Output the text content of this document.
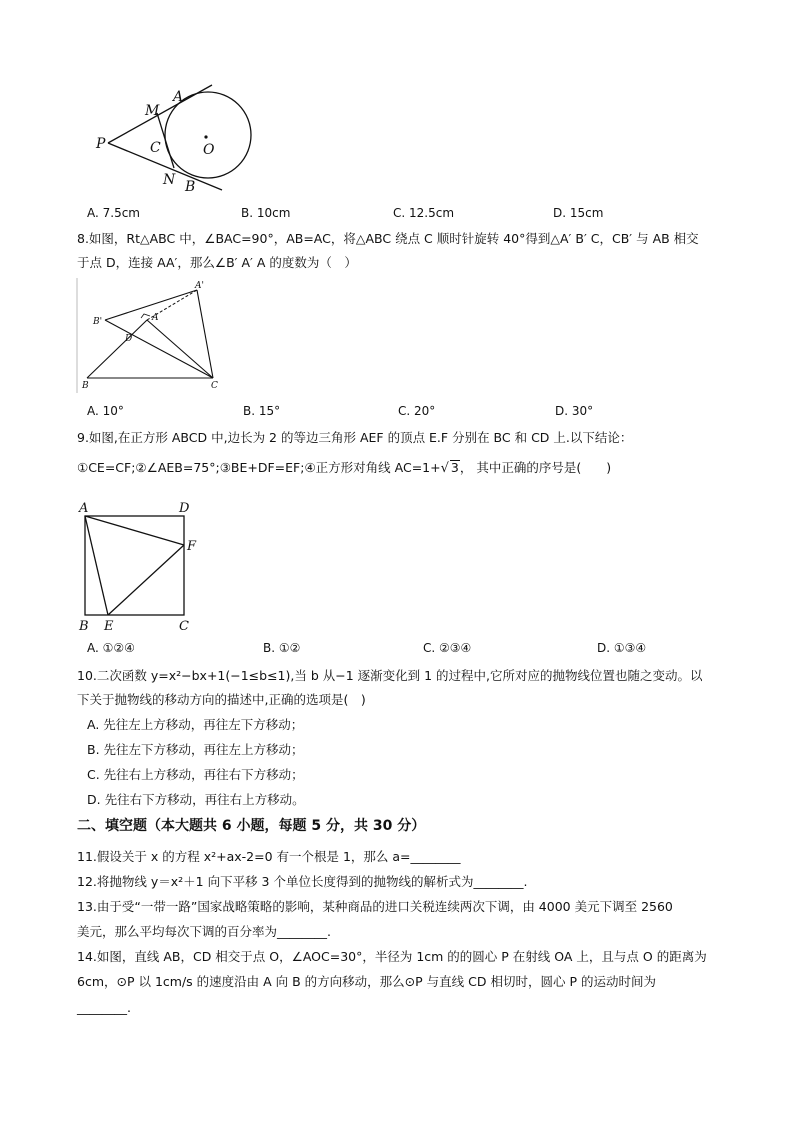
A
M
P	C	O
N B
A. 7.5cm	B. 10cm	C. 12.5cm	D. 15cm
8.如图，Rt△ABC 中，∠BAC=90°，AB=AC，将△ABC 绕点 C 顺时针旋转 40°得到△A′ B′ C，CB′ 与 AB 相交
于点 D，连接 AA′，那么∠B′ A′ A 的度数为（　）
A'
B'	A
D
B	C
A. 10°	B. 15°	C. 20°	D. 30°
9.如图,在正方形 ABCD 中,边长为 2 的等边三角形 AEF 的顶点 E.F 分别在 BC 和 CD 上.以下结论：
①CE=CF;②∠AEB=75°;③BE+DF=EF;④正方形对角线 AC=1+√ 3， 其中正确的序号是(　　)
A	D
F
B E	C
A. ①②④	B. ①②	C. ②③④	D. ①③④
10.二次函数 y=x²−bx+1(−1≤b≤1),当 b 从−1 逐渐变化到 1 的过程中,它所对应的抛物线位置也随之变动。以
下关于抛物线的移动方向的描述中,正确的选项是(　)
A. 先往左上方移动，再往左下方移动；
B. 先往左下方移动，再往左上方移动；
C. 先往右上方移动，再往右下方移动；
D. 先往右下方移动，再往右上方移动。
二、填空题（本大题共 6 小题，每题 5 分，共 30 分）
11.假设关于 x 的方程 x²+ax-2=0 有一个根是 1，那么 a=________
12.将抛物线 y＝x²＋1 向下平移 3 个单位长度得到的抛物线的解析式为________.
13.由于受“一带一路”国家战略策略的影响，某种商品的进口关税连续两次下调，由 4000 美元下调至 2560
美元，那么平均每次下调的百分率为________.
14.如图，直线 AB，CD 相交于点 O，∠AOC=30°，半径为 1cm 的的圆心 P 在射线 OA 上，且与点 O 的距离为
6cm，⊙P 以 1cm/s 的速度沿由 A 向 B 的方向移动，那么⊙P 与直线 CD 相切时，圆心 P 的运动时间为
________.
